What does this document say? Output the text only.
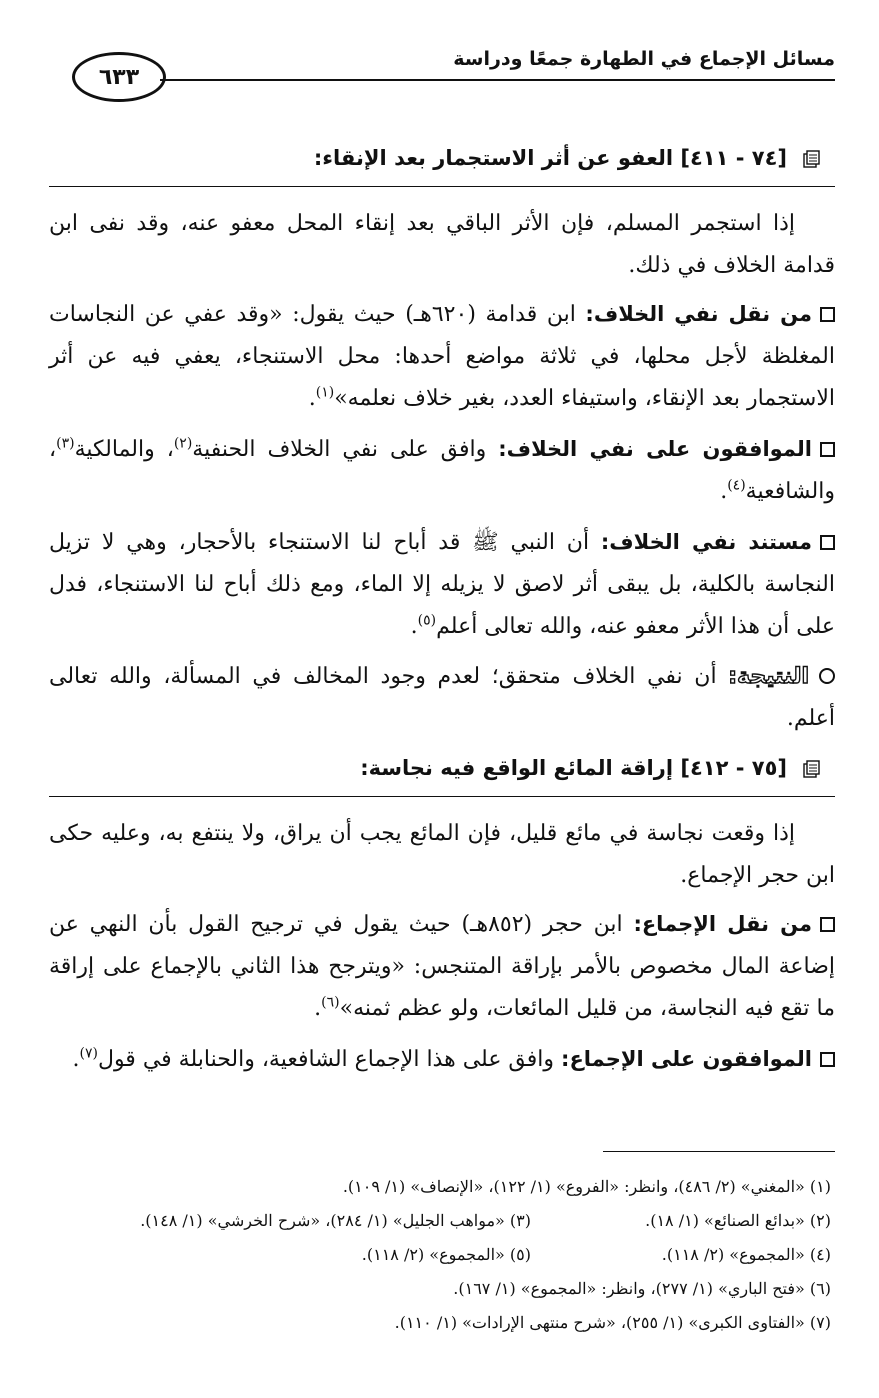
مسائل الإجماع في الطهارة جمعًا ودراسة
٦٣٣

[٧٤ - ٤١١] العفو عن أثر الاستجمار بعد الإنقاء:

إذا استجمر المسلم، فإن الأثر الباقي بعد إنقاء المحل معفو عنه، وقد نفى ابن قدامة الخلاف في ذلك.

من نقل نفي الخلاف: ابن قدامة (٦٢٠هـ) حيث يقول: «وقد عفي عن النجاسات المغلظة لأجل محلها، في ثلاثة مواضع أحدها: محل الاستنجاء، يعفي فيه عن أثر الاستجمار بعد الإنقاء، واستيفاء العدد، بغير خلاف نعلمه»$^{(١)}$.

الموافقون على نفي الخلاف: وافق على نفي الخلاف الحنفية$^{(٢)}$، والمالكية$^{(٣)}$، والشافعية$^{(٤)}$.

مستند نفي الخلاف: أن النبي ﷺ قد أباح لنا الاستنجاء بالأحجار، وهي لا تزيل النجاسة بالكلية، بل يبقى أثر لاصق لا يزيله إلا الماء، ومع ذلك أباح لنا الاستنجاء، فدل على أن هذا الأثر معفو عنه، والله تعالى أعلم$^{(٥)}$.

النتيجة: أن نفي الخلاف متحقق؛ لعدم وجود المخالف في المسألة، والله تعالى أعلم.

[٧٥ - ٤١٢] إراقة المائع الواقع فيه نجاسة:

إذا وقعت نجاسة في مائع قليل، فإن المائع يجب أن يراق، ولا ينتفع به، وعليه حكى ابن حجر الإجماع.

من نقل الإجماع: ابن حجر (٨٥٢هـ) حيث يقول في ترجيح القول بأن النهي عن إضاعة المال مخصوص بالأمر بإراقة المتنجس: «ويترجح هذا الثاني بالإجماع على إراقة ما تقع فيه النجاسة، من قليل المائعات، ولو عظم ثمنه»$^{(٦)}$.

الموافقون على الإجماع: وافق على هذا الإجماع الشافعية، والحنابلة في قول$^{(٧)}$.

(١) «المغني» (٢/ ٤٨٦)، وانظر: «الفروع» (١/ ١٢٢)، «الإنصاف» (١/ ١٠٩).
(٢) «بدائع الصنائع» (١/ ١٨).(٣) «مواهب الجليل» (١/ ٢٨٤)، «شرح الخرشي» (١/ ١٤٨).
(٤) «المجموع» (٢/ ١١٨).(٥) «المجموع» (٢/ ١١٨).
(٦) «فتح الباري» (١/ ٢٧٧)، وانظر: «المجموع» (١/ ١٦٧).
(٧) «الفتاوى الكبرى» (١/ ٢٥٥)، «شرح منتهى الإرادات» (١/ ١١٠).
